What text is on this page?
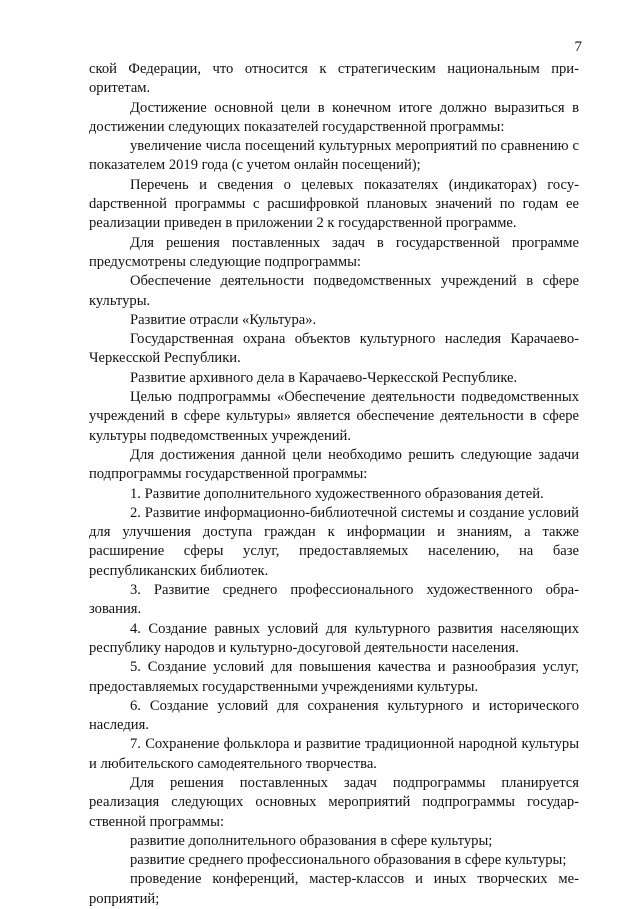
7

ской Федерации, что относится к стратегическим национальным приоритетам.

Достижение основной цели в конечном итоге должно выразиться в достижении следующих показателей государственной программы:

увеличение числа посещений культурных мероприятий по сравнению с показателем 2019 года (с учетом онлайн посещений);

Перечень и сведения о целевых показателях (индикаторах) госуdарственной программы с расшифровкой плановых значений по годам ее реализации приведен в приложении 2 к государственной программе.

Для решения поставленных задач в государственной программе предусмотрены следующие подпрограммы:

Обеспечение деятельности подведомственных учреждений в сфере культуры.

Развитие отрасли «Культура».

Государственная охрана объектов культурного наследия Карачаево-Черкесской Республики.

Развитие архивного дела в Карачаево-Черкесской Республике.

Целью подпрограммы «Обеспечение деятельности подведомственных учреждений в сфере культуры» является обеспечение деятельности в сфере культуры подведомственных учреждений.

Для достижения данной цели необходимо решить следующие задачи подпрограммы государственной программы:

1. Развитие дополнительного художественного образования детей.

2. Развитие информационно-библиотечной системы и создание условий для улучшения доступа граждан к информации и знаниям, а также расширение сферы услуг, предоставляемых населению, на базе республиканских библиотек.

3. Развитие среднего профессионального художественного образования.

4. Создание равных условий для культурного развития населяющих республику народов и культурно-досуговой деятельности населения.

5. Создание условий для повышения качества и разнообразия услуг, предоставляемых государственными учреждениями культуры.

6. Создание условий для сохранения культурного и исторического наследия.

7. Сохранение фольклора и развитие традиционной народной культуры и любительского самодеятельного творчества.

Для решения поставленных задач подпрограммы планируется реализация следующих основных мероприятий подпрограммы государственной программы:

развитие дополнительного образования в сфере культуры;

развитие среднего профессионального образования в сфере культуры;

проведение конференций, мастер-классов и иных творческих мероприятий;
